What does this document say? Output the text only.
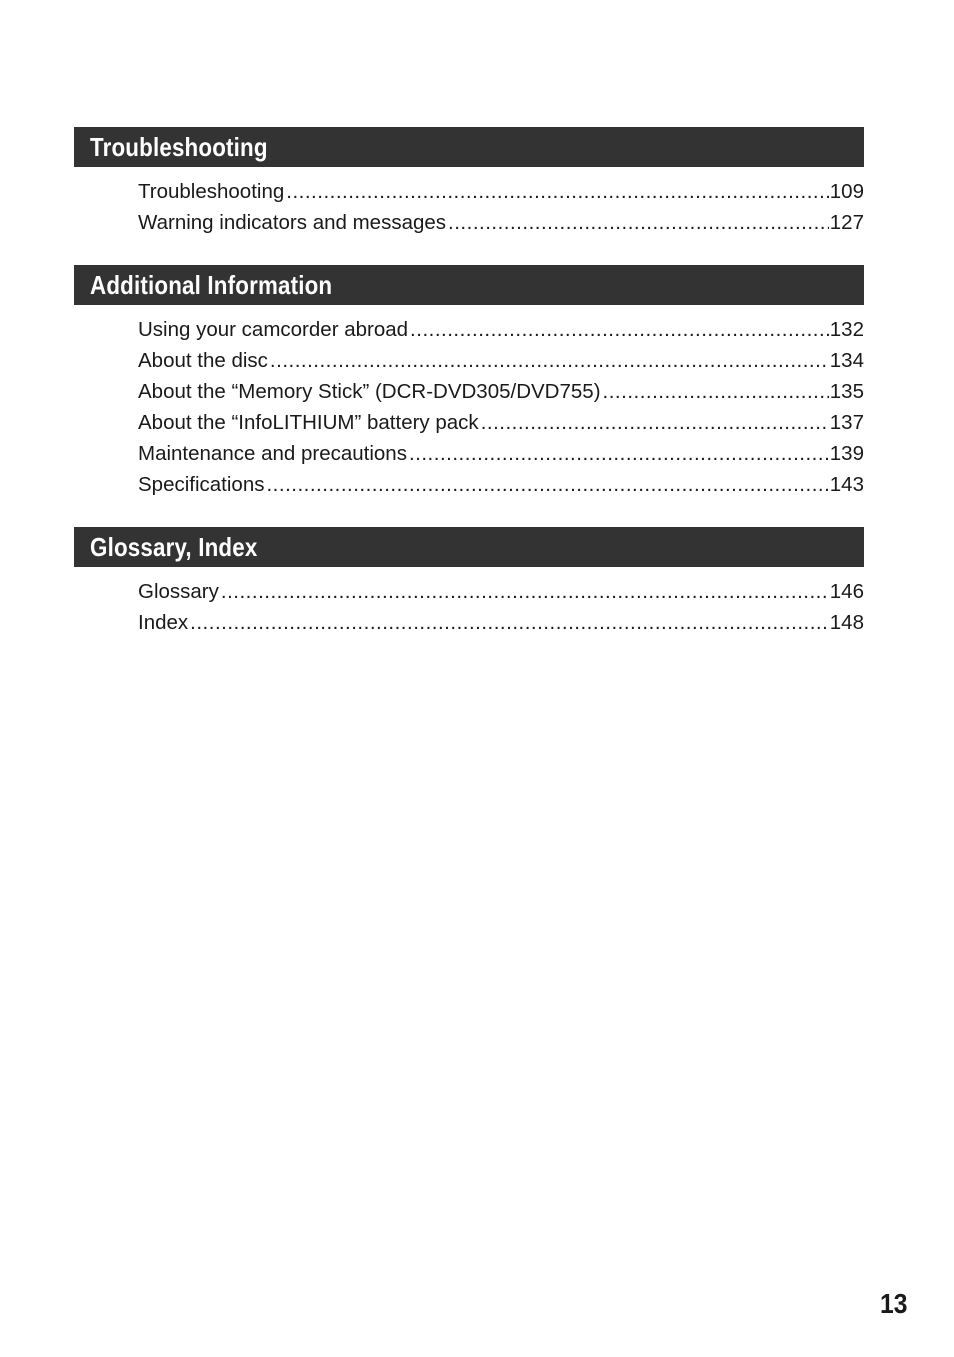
Troubleshooting
Troubleshooting .....	109
Warning indicators and messages .....	127
Additional Information
Using your camcorder abroad .....	132
About the disc .....	134
About the “Memory Stick” (DCR-DVD305/DVD755) .....	135
About the “InfoLITHIUM” battery pack .....	137
Maintenance and precautions .....	139
Specifications .....	143
Glossary, Index
Glossary .....	146
Index .....	148
13
